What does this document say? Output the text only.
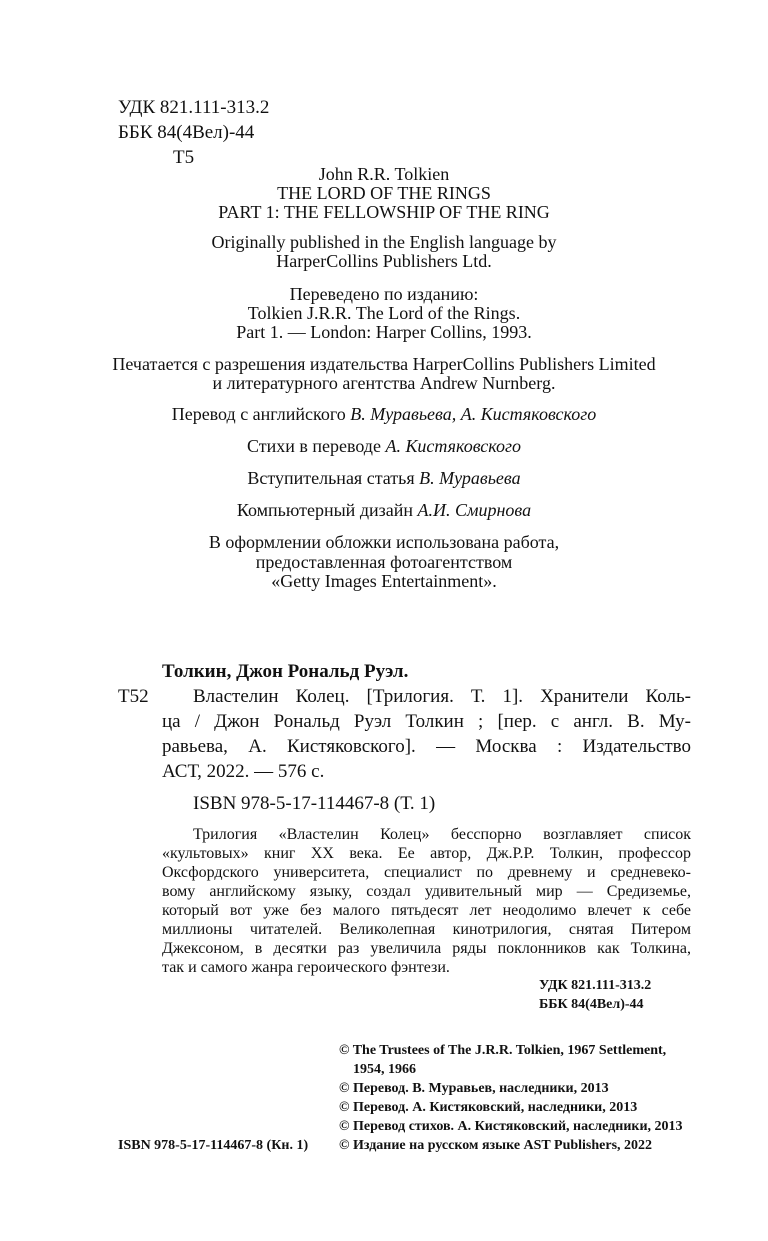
УДК 821.111-313.2
ББК 84(4Вел)-44
Т5
John R.R. Tolkien
THE LORD OF THE RINGS
PART 1: THE FELLOWSHIP OF THE RING
Originally published in the English language by
HarperCollins Publishers Ltd.
Переведено по изданию:
Tolkien J.R.R. The Lord of the Rings.
Part 1. — London: Harper Collins, 1993.
Печатается с разрешения издательства HarperCollins Publishers Limited
и литературного агентства Andrew Nurnberg.
Перевод с английского В. Муравьева, А. Кистяковского
Стихи в переводе А. Кистяковского
Вступительная статья В. Муравьева
Компьютерный дизайн А.И. Смирнова
В оформлении обложки использована работа,
предоставленная фотоагентством
«Getty Images Entertainment».
Толкин, Джон Рональд Руэл.
Т52 Властелин Колец. [Трилогия. Т. 1]. Хранители Коль-
ца / Джон Рональд Руэл Толкин ; [пер. с англ. В. Му-
равьева, А. Кистяковского]. — Москва : Издательство
АСТ, 2022. — 576 с.
ISBN 978-5-17-114467-8 (Т. 1)
Трилогия «Властелин Колец» бесспорно возглавляет список
«культовых» книг XX века. Ее автор, Дж.Р.Р. Толкин, профессор
Оксфордского университета, специалист по древнему и средневеко-
вому английскому языку, создал удивительный мир — Средиземье,
который вот уже без малого пятьдесят лет неодолимо влечет к себе
миллионы читателей. Великолепная кинотрилогия, снятая Питером
Джексоном, в десятки раз увеличила ряды поклонников как Толкина,
так и самого жанра героического фэнтези.
УДК 821.111-313.2
ББК 84(4Вел)-44
© The Trustees of The J.R.R. Tolkien, 1967 Settlement,
1954, 1966
© Перевод. В. Муравьев, наследники, 2013
© Перевод. А. Кистяковский, наследники, 2013
© Перевод стихов. А. Кистяковский, наследники, 2013
© Издание на русском языке AST Publishers, 2022
ISBN 978-5-17-114467-8 (Кн. 1)
